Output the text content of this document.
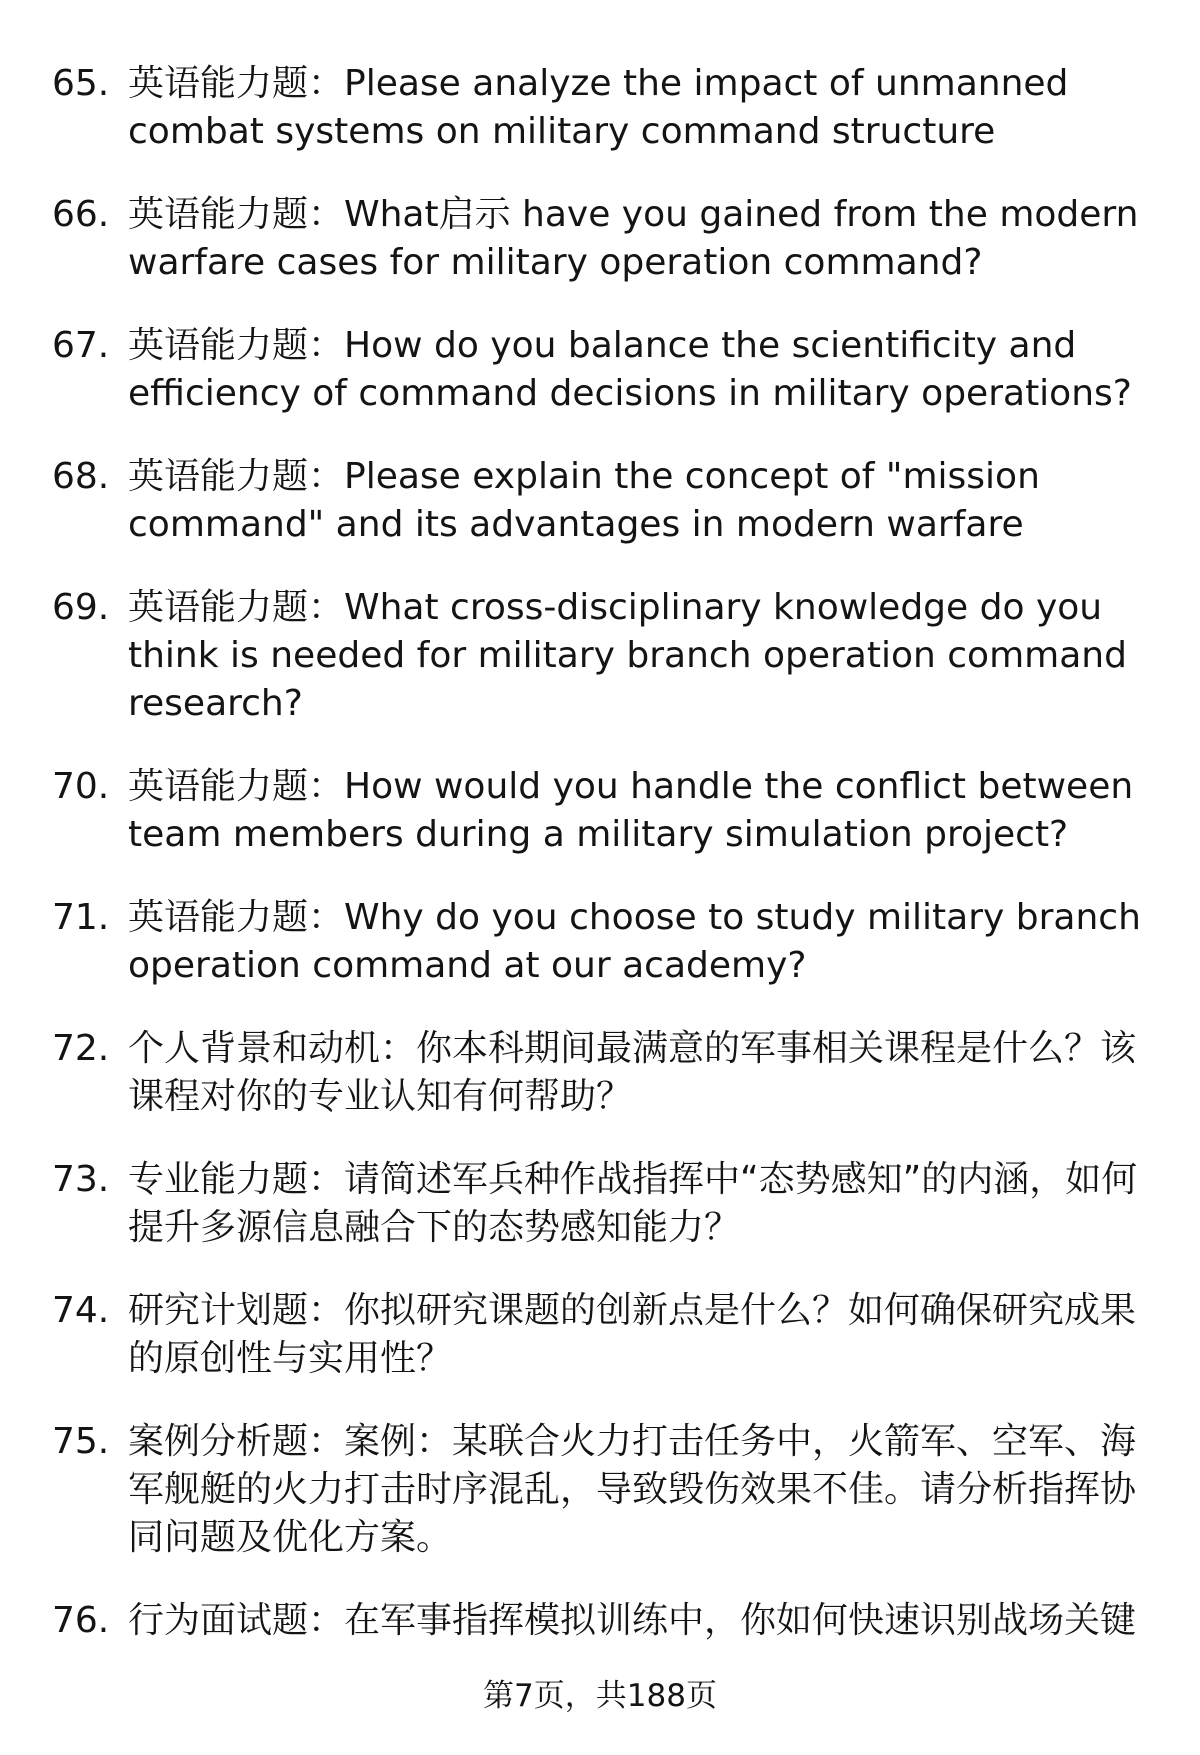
65. 英语能力题：Please analyze the impact of unmanned combat systems on military command structure
66. 英语能力题：What启示 have you gained from the modern warfare cases for military operation command?
67. 英语能力题：How do you balance the scientificity and efficiency of command decisions in military operations?
68. 英语能力题：Please explain the concept of "mission command" and its advantages in modern warfare
69. 英语能力题：What cross-disciplinary knowledge do you think is needed for military branch operation command research?
70. 英语能力题：How would you handle the conflict between team members during a military simulation project?
71. 英语能力题：Why do you choose to study military branch operation command at our academy?
72. 个人背景和动机：你本科期间最满意的军事相关课程是什么？该课程对你的专业认知有何帮助？
73. 专业能力题：请简述军兵种作战指挥中“态势感知”的内涵，如何提升多源信息融合下的态势感知能力？
74. 研究计划题：你拟研究课题的创新点是什么？如何确保研究成果的原创性与实用性？
75. 案例分析题：案例：某联合火力打击任务中，火箭军、空军、海军舰艇的火力打击时序混乱，导致毁伤效果不佳。请分析指挥协同问题及优化方案。
76. 行为面试题：在军事指挥模拟训练中，你如何快速识别战场关键
第7页，共188页
